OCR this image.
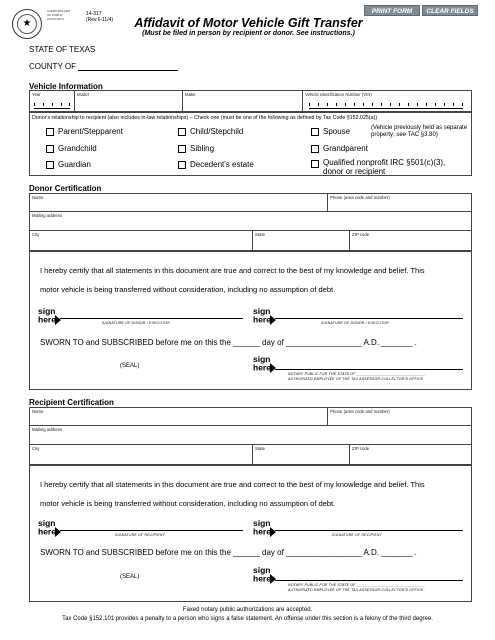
★
COMPTROLLER OF PUBLIC ACCOUNTS
14-317
(Rev.6-11/4)	Affidavit of Motor Vehicle Gift Transfer
(Must be filed in person by recipient or donor. See instructions.)
PRINT FORM	CLEAR FIELDS
STATE OF TEXAS
COUNTY OF
Vehicle Information
Year	Model	Make	Vehicle Identification Number (VIN)
Donor's relationship to recipient (also includes in-law relationships) – Check one (must be one of the following as defined by Tax Code §152.025(a))
Parent/Stepparent	Child/Stepchild	Spouse	(Vehicle previously held as separate property; see TAC §3.80)
Grandchild	Sibling	Grandparent
Guardian	Decedent's estate	Qualified nonprofit IRC §501(c)(3),
donor or recipient
Donor Certification
Name	Phone (area code and number)
Mailing address
City	State	ZIP code
I hereby certify that all statements in this document are true and correct to the best of my knowledge and belief. This
motor vehicle is being transferred without consideration, including no assumption of debt.
sign
here	SIGNATURE OF DONOR / EXECUTOR
sign
here	SIGNATURE OF DONOR / EXECUTOR
SWORN TO and SUBSCRIBED before me on this the ______ day of _________________ A.D. _______ .
(SEAL)
sign
here
NOTARY PUBLIC FOR THE STATE OF ________________________________
AUTHORIZED EMPLOYEE OF THE TAX ASSESSOR-COLLECTOR'S OFFICE
Recipient Certification
Name	Phone (area code and number)
Mailing address
City	State	ZIP code
I hereby certify that all statements in this document are true and correct to the best of my knowledge and belief. This
motor vehicle is being transferred without consideration, including no assumption of debt.
sign
here	SIGNATURE OF RECIPIENT
sign
here	SIGNATURE OF RECIPIENT
SWORN TO and SUBSCRIBED before me on this the ______ day of _________________ A.D. _______ .
(SEAL)
sign
here
NOTARY PUBLIC FOR THE STATE OF ________________________________
AUTHORIZED EMPLOYEE OF THE TAX ASSESSOR-COLLECTOR'S OFFICE
Faxed notary public authorizations are accepted.
Tax Code §152.101 provides a penalty to a person who signs a false statement. An offense under this section is a felony of the third degree.
